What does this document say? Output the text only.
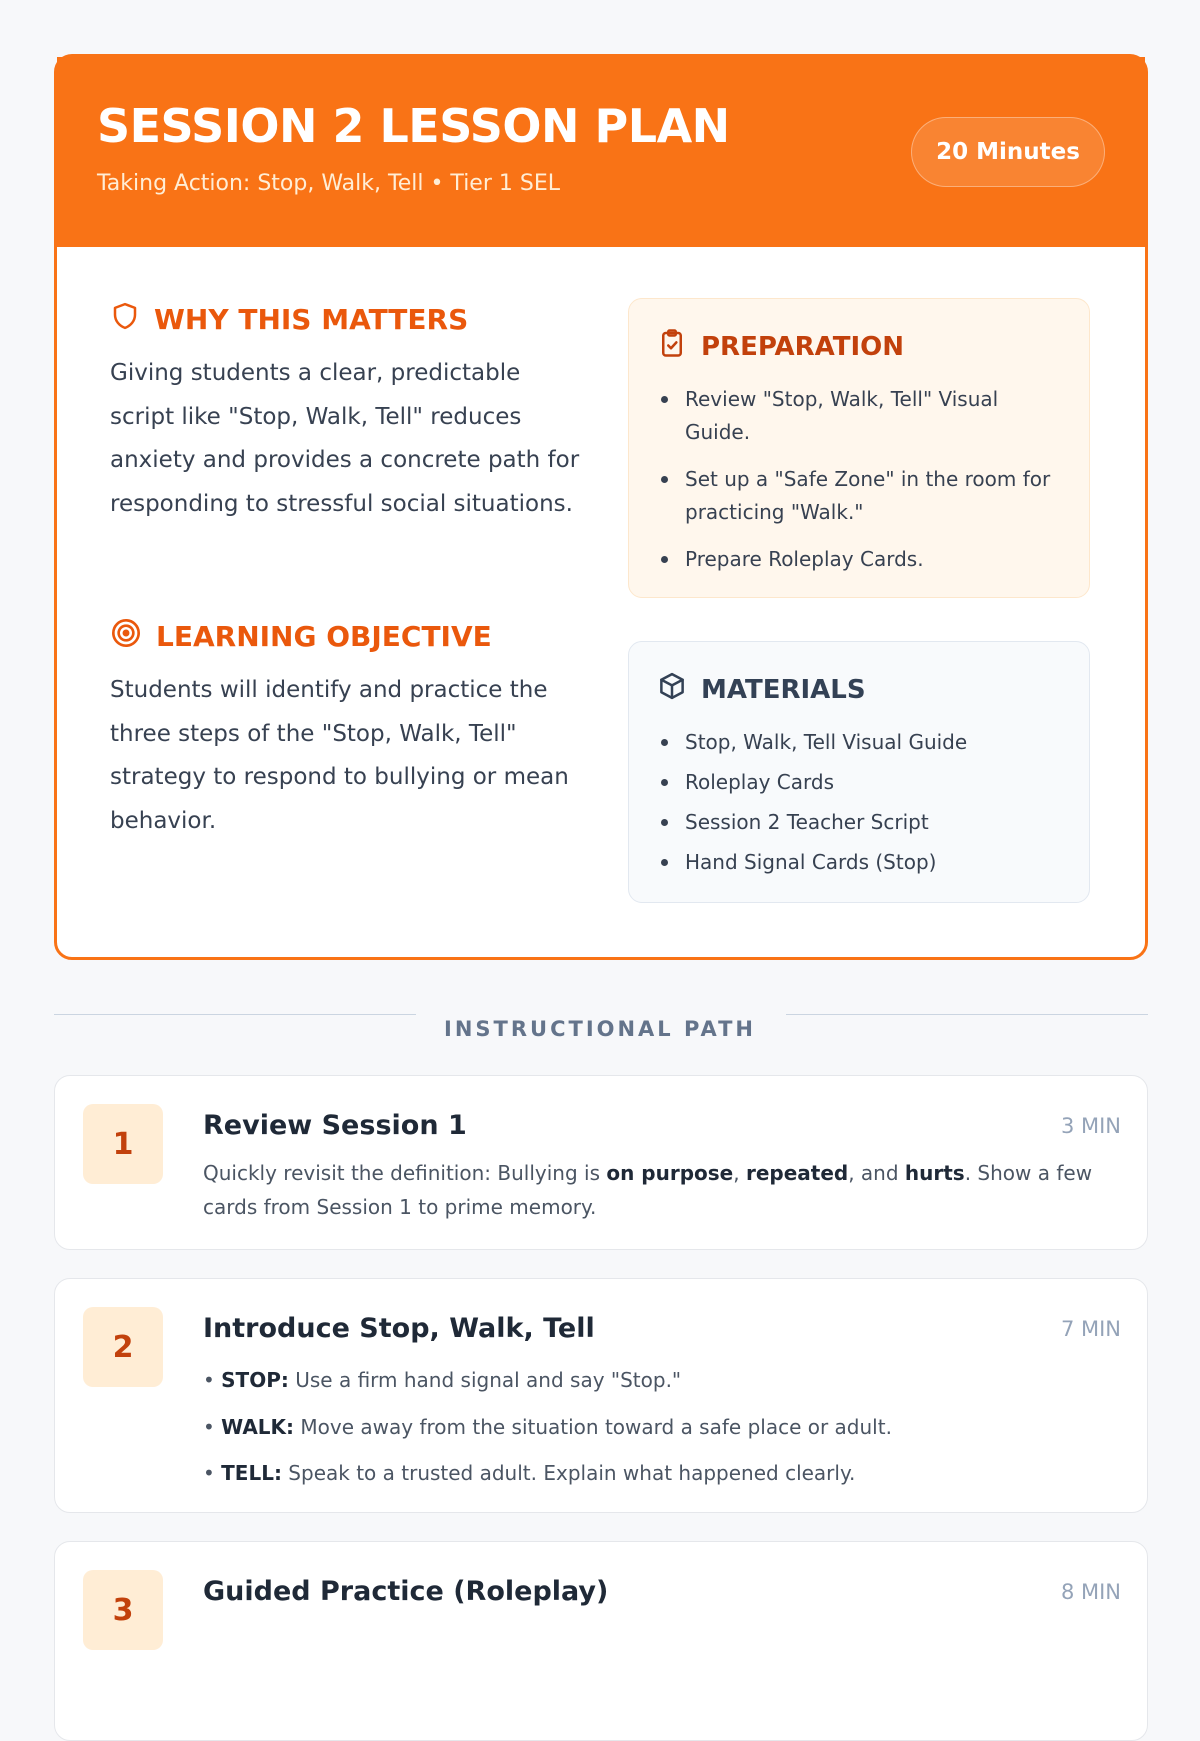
SESSION 2 LESSON PLAN
Taking Action: Stop, Walk, Tell • Tier 1 SEL
20 Minutes
WHY THIS MATTERS
Giving students a clear, predictable script like "Stop, Walk, Tell" reduces anxiety and provides a concrete path for responding to stressful social situations.
LEARNING OBJECTIVE
Students will identify and practice the three steps of the "Stop, Walk, Tell" strategy to respond to bullying or mean behavior.
PREPARATION
Review "Stop, Walk, Tell" Visual Guide.
Set up a "Safe Zone" in the room for practicing "Walk."
Prepare Roleplay Cards.
MATERIALS
Stop, Walk, Tell Visual Guide
Roleplay Cards
Session 2 Teacher Script
Hand Signal Cards (Stop)
INSTRUCTIONAL PATH
1
Review Session 1	3 MIN
Quickly revisit the definition: Bullying is on purpose, repeated, and hurts. Show a few cards from Session 1 to prime memory.
2
Introduce Stop, Walk, Tell	7 MIN
• STOP: Use a firm hand signal and say "Stop."
• WALK: Move away from the situation toward a safe place or adult.
• TELL: Speak to a trusted adult. Explain what happened clearly.
3
Guided Practice (Roleplay)	8 MIN
